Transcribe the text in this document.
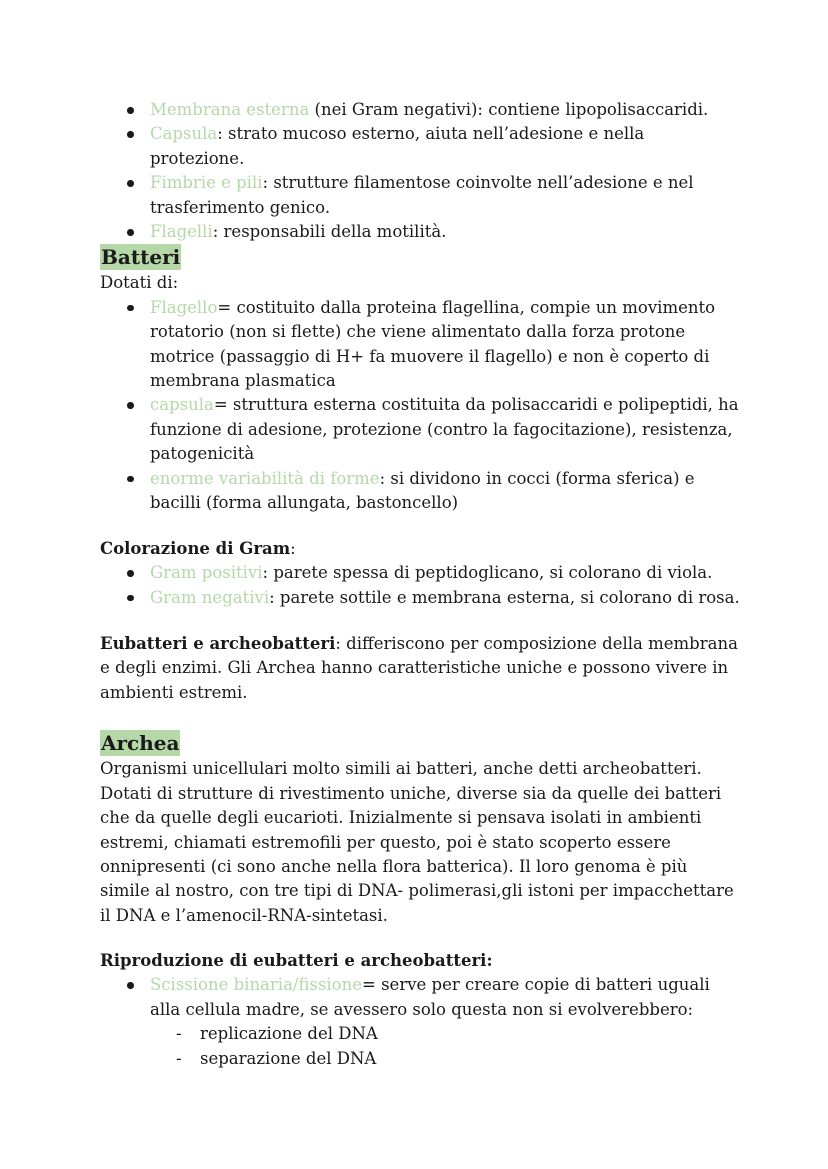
Membrana esterna (nei Gram negativi): contiene lipopolisaccaridi.
Capsula: strato mucoso esterno, aiuta nell’adesione e nella protezione.
Fimbrie e pili: strutture filamentose coinvolte nell’adesione e nel trasferimento genico.
Flagelli: responsabili della motilità.
Batteri

Dotati di:

Flagello= costituito dalla proteina flagellina, compie un movimento rotatorio (non si flette) che viene alimentato dalla forza protone motrice (passaggio di H+ fa muovere il flagello) e non è coperto di membrana plasmatica
capsula= struttura esterna costituita da polisaccaridi e polipeptidi, ha funzione di adesione, protezione (contro la fagocitazione), resistenza, patogenicità
enorme variabilità di forme: si dividono in cocci (forma sferica) e bacilli (forma allungata, bastoncello)

Colorazione di Gram:

Gram positivi: parete spessa di peptidoglicano, si colorano di viola.
Gram negativi: parete sottile e membrana esterna, si colorano di rosa.

Eubatteri e archeobatteri: differiscono per composizione della membrana e degli enzimi. Gli Archea hanno caratteristiche uniche e possono vivere in ambienti estremi.

Archea

Organismi unicellulari molto simili ai batteri, anche detti archeobatteri. Dotati di strutture di rivestimento uniche, diverse sia da quelle dei batteri che da quelle degli eucarioti. Inizialmente si pensava isolati in ambienti estremi, chiamati estremofili per questo, poi è stato scoperto essere onnipresenti (ci sono anche nella flora batterica). Il loro genoma è più simile al nostro, con tre tipi di DNA- polimerasi,gli istoni per impacchettare il DNA e l’amenocil-RNA-sintetasi.

Riproduzione di eubatteri e archeobatteri:

Scissione binaria/fissione= serve per creare copie di batteri uguali alla cellula madre, se avessero solo questa non si evolverebbero:
- replicazione del DNA
- separazione del DNA
